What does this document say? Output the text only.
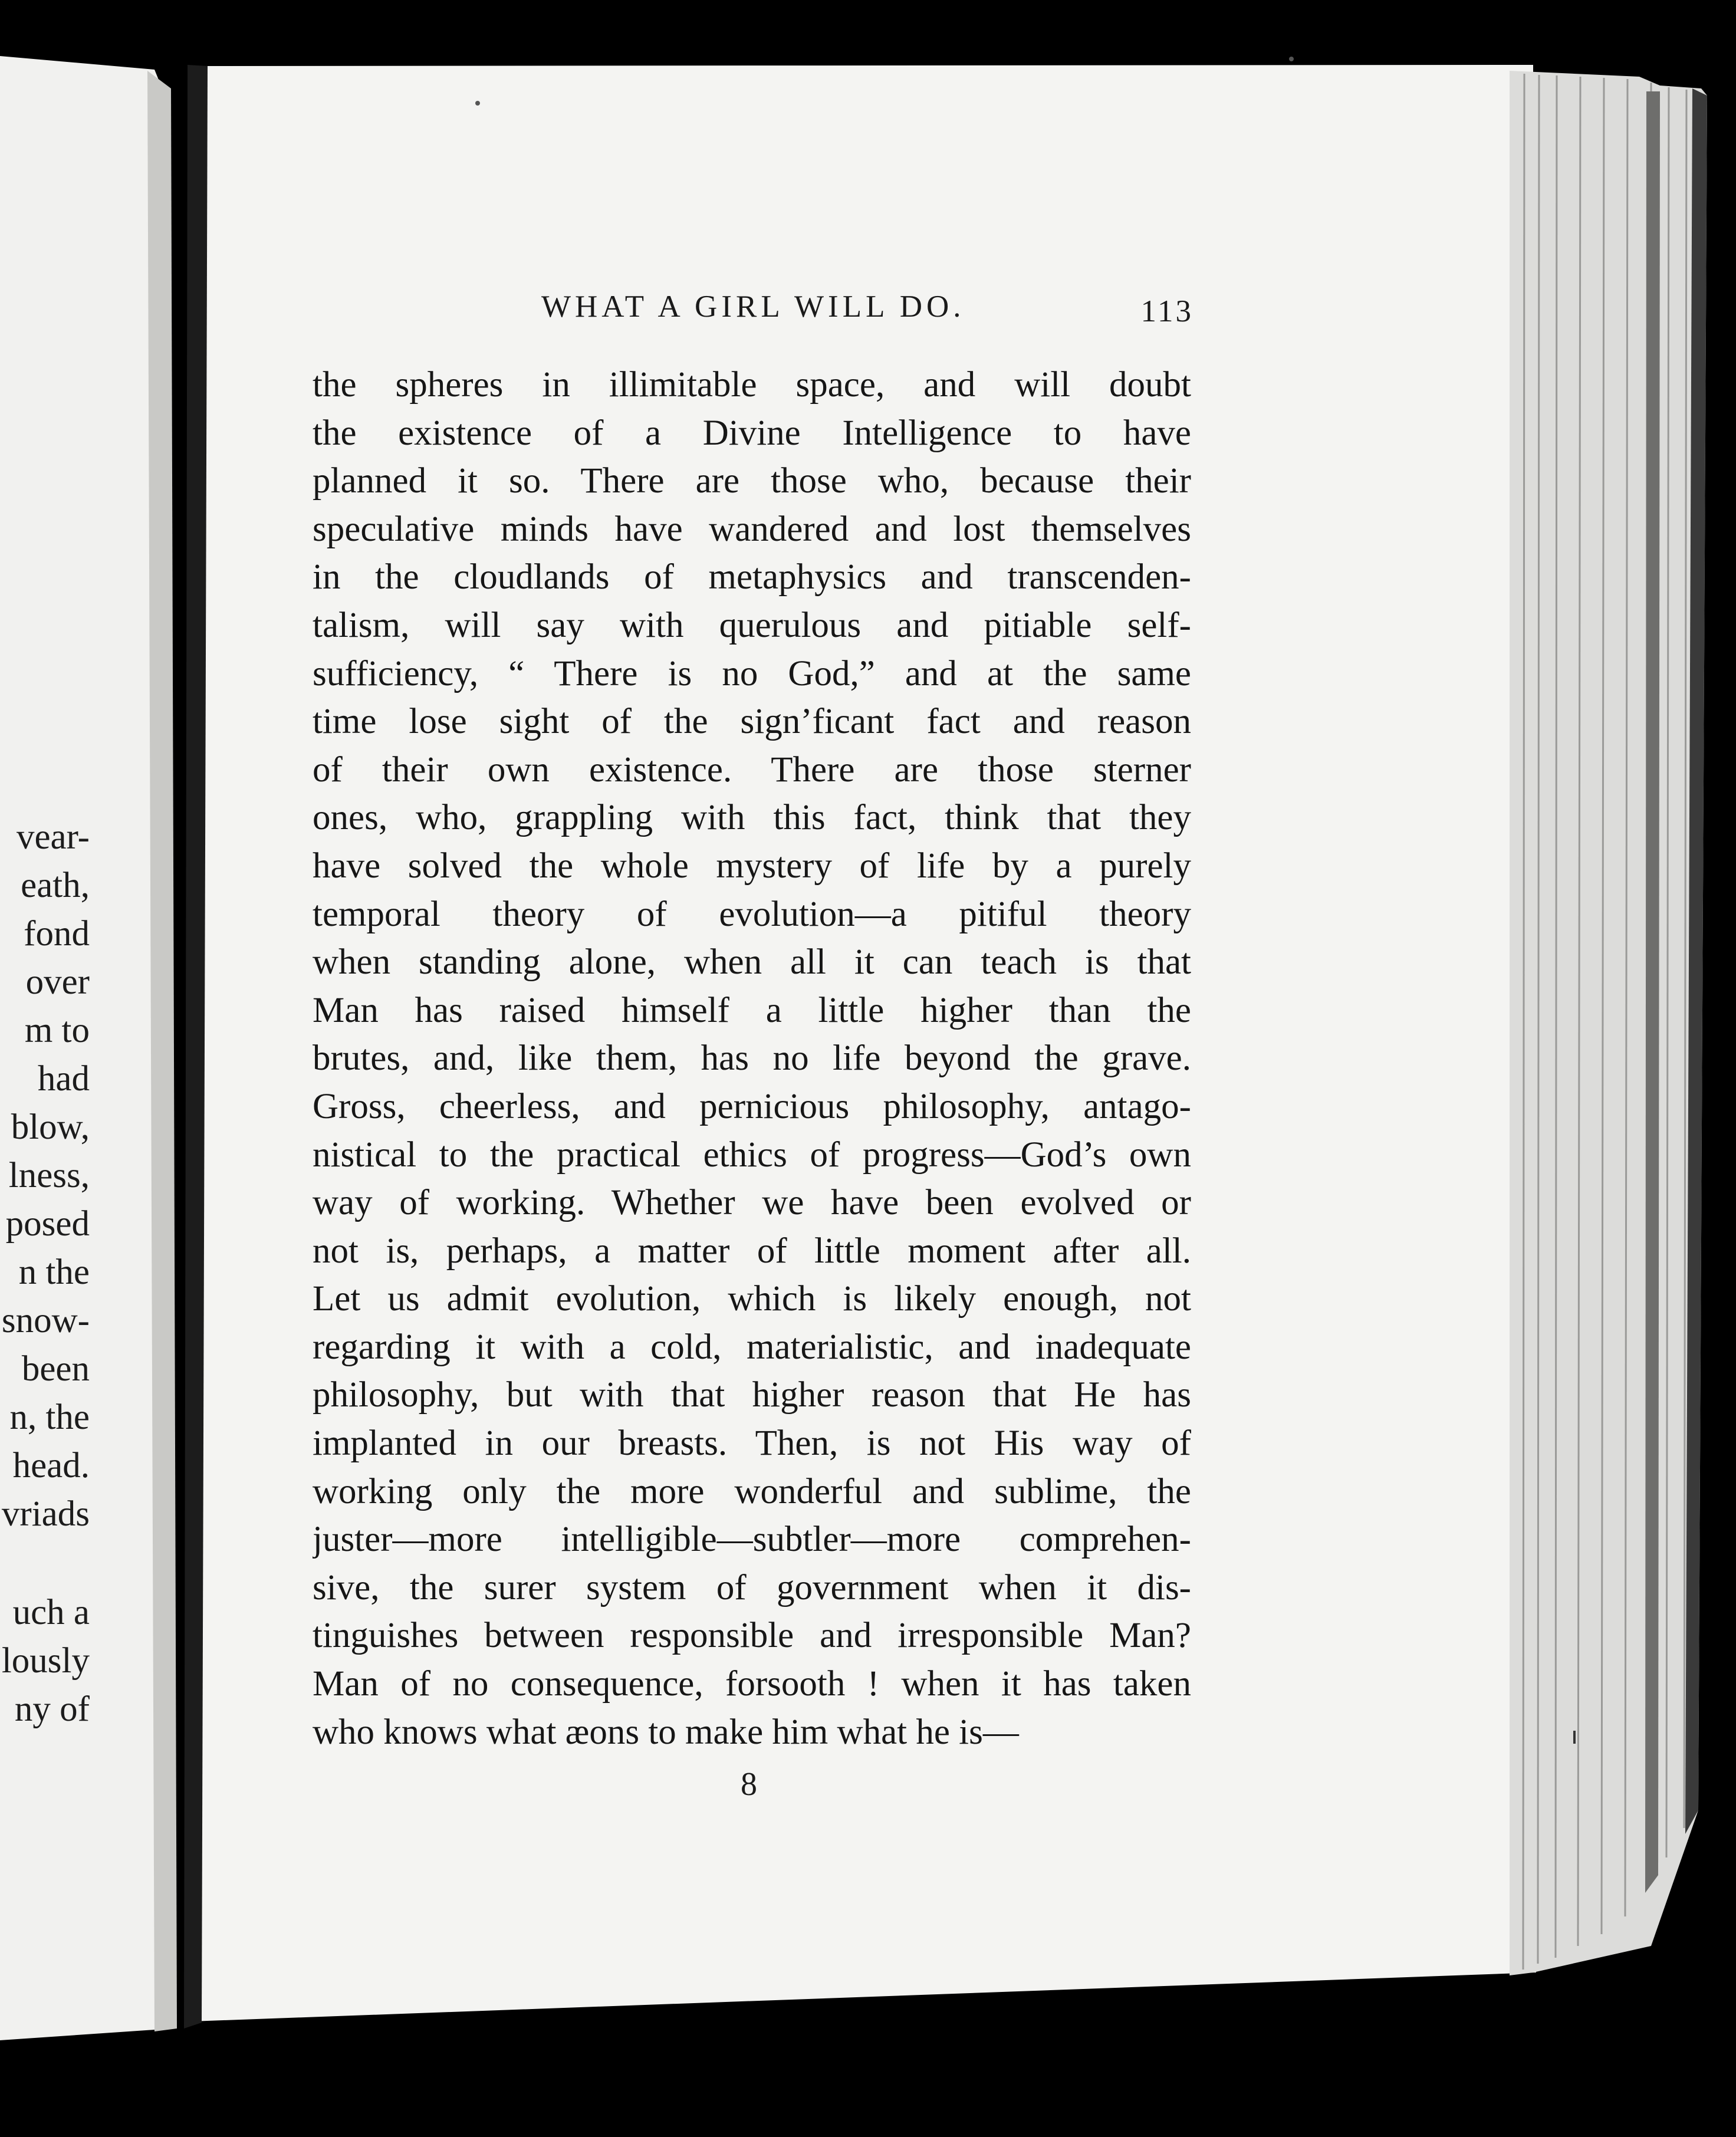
vear-
eath,
fond
over
m to
had
blow,
lness,
posed
n the
snow-
been
n, the
head.
vriads
uch a
lously
ny of
WHAT A GIRL WILL DO.	113
the spheres in illimitable space, and will doubt
the existence of a Divine Intelligence to have
planned it so. There are those who, because their
speculative minds have wandered and lost themselves
in the cloudlands of metaphysics and transcenden-
talism, will say with querulous and pitiable self-
sufficiency, “ There is no God,” and at the same
time lose sight of the sign’ficant fact and reason
of their own existence. There are those sterner
ones, who, grappling with this fact, think that they
have solved the whole mystery of life by a purely
temporal theory of evolution—a pitiful theory
when standing alone, when all it can teach is that
Man has raised himself a little higher than the
brutes, and, like them, has no life beyond the grave.
Gross, cheerless, and pernicious philosophy, antago-
nistical to the practical ethics of progress—God’s own
way of working. Whether we have been evolved or
not is, perhaps, a matter of little moment after all.
Let us admit evolution, which is likely enough, not
regarding it with a cold, materialistic, and inadequate
philosophy, but with that higher reason that He has
implanted in our breasts. Then, is not His way of
working only the more wonderful and sublime, the
juster—more intelligible—subtler—more comprehen-
sive, the surer system of government when it dis-
tinguishes between responsible and irresponsible Man?
Man of no consequence, forsooth ! when it has taken
who knows what æons to make him what he is—
8
